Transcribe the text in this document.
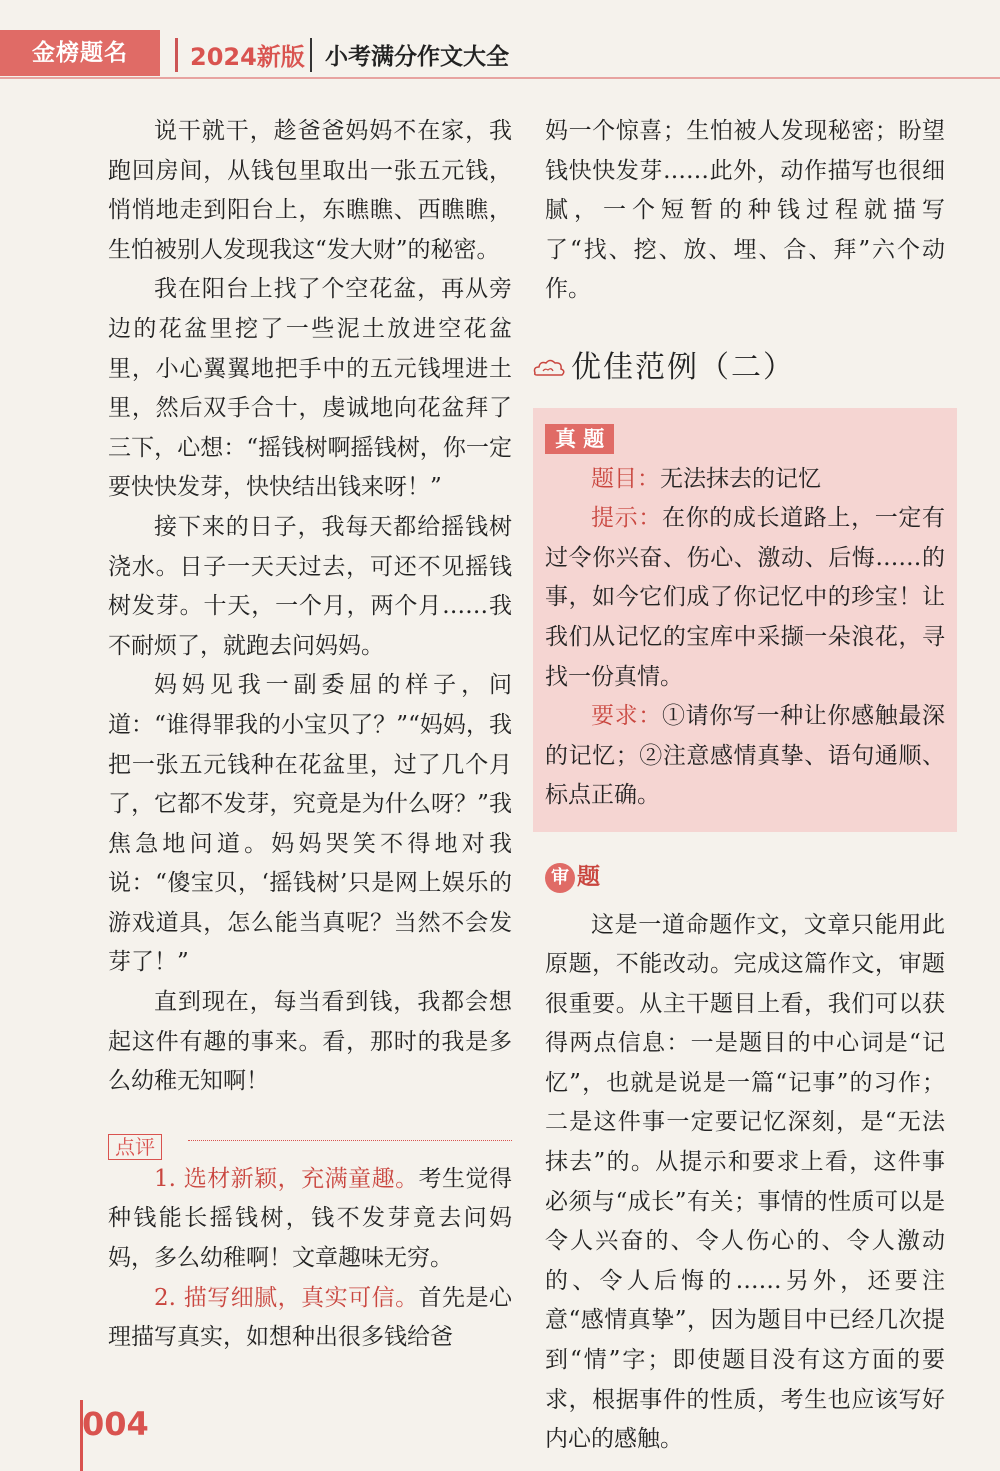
金榜题名	2024新版 小考满分作文大全

说干就干，趁爸爸妈妈不在家，我跑回房间，从钱包里取出一张五元钱，悄悄地走到阳台上，东瞧瞧、西瞧瞧，生怕被别人发现我这“发大财”的秘密。

我在阳台上找了个空花盆，再从旁边的花盆里挖了一些泥土放进空花盆里，小心翼翼地把手中的五元钱埋进土里，然后双手合十，虔诚地向花盆拜了三下，心想：“摇钱树啊摇钱树，你一定要快快发芽，快快结出钱来呀！”

接下来的日子，我每天都给摇钱树浇水。日子一天天过去，可还不见摇钱树发芽。十天，一个月，两个月……我不耐烦了，就跑去问妈妈。

妈妈见我一副委屈的样子，问道：“谁得罪我的小宝贝了？”“妈妈，我把一张五元钱种在花盆里，过了几个月了，它都不发芽，究竟是为什么呀？”我焦急地问道。妈妈哭笑不得地对我说：“傻宝贝，‘摇钱树’只是网上娱乐的游戏道具，怎么能当真呢？当然不会发芽了！”

直到现在，每当看到钱，我都会想起这件有趣的事来。看，那时的我是多么幼稚无知啊！

点评

1. 选材新颖，充满童趣。考生觉得种钱能长摇钱树，钱不发芽竟去问妈妈，多么幼稚啊！文章趣味无穷。

2. 描写细腻，真实可信。首先是心理描写真实，如想种出很多钱给爸

妈一个惊喜；生怕被人发现秘密；盼望钱快快发芽……此外，动作描写也很细腻，一个短暂的种钱过程就描写了“找、挖、放、埋、合、拜”六个动作。

优佳范例（二）
真 题

题目：无法抹去的记忆

提示：在你的成长道路上，一定有过令你兴奋、伤心、激动、后悔……的事，如今它们成了你记忆中的珍宝！让我们从记忆的宝库中采撷一朵浪花，寻找一份真情。

要求：①请你写一种让你感触最深的记忆；②注意感情真挚、语句通顺、标点正确。

审 题

这是一道命题作文，文章只能用此原题，不能改动。完成这篇作文，审题很重要。从主干题目上看，我们可以获得两点信息：一是题目的中心词是“记忆”，也就是说是一篇“记事”的习作；二是这件事一定要记忆深刻，是“无法抹去”的。从提示和要求上看，这件事必须与“成长”有关；事情的性质可以是令人兴奋的、令人伤心的、令人激动的、令人后悔的……另外，还要注意“感情真挚”，因为题目中已经几次提到“情”字；即使题目没有这方面的要求，根据事件的性质，考生也应该写好内心的感触。

004
